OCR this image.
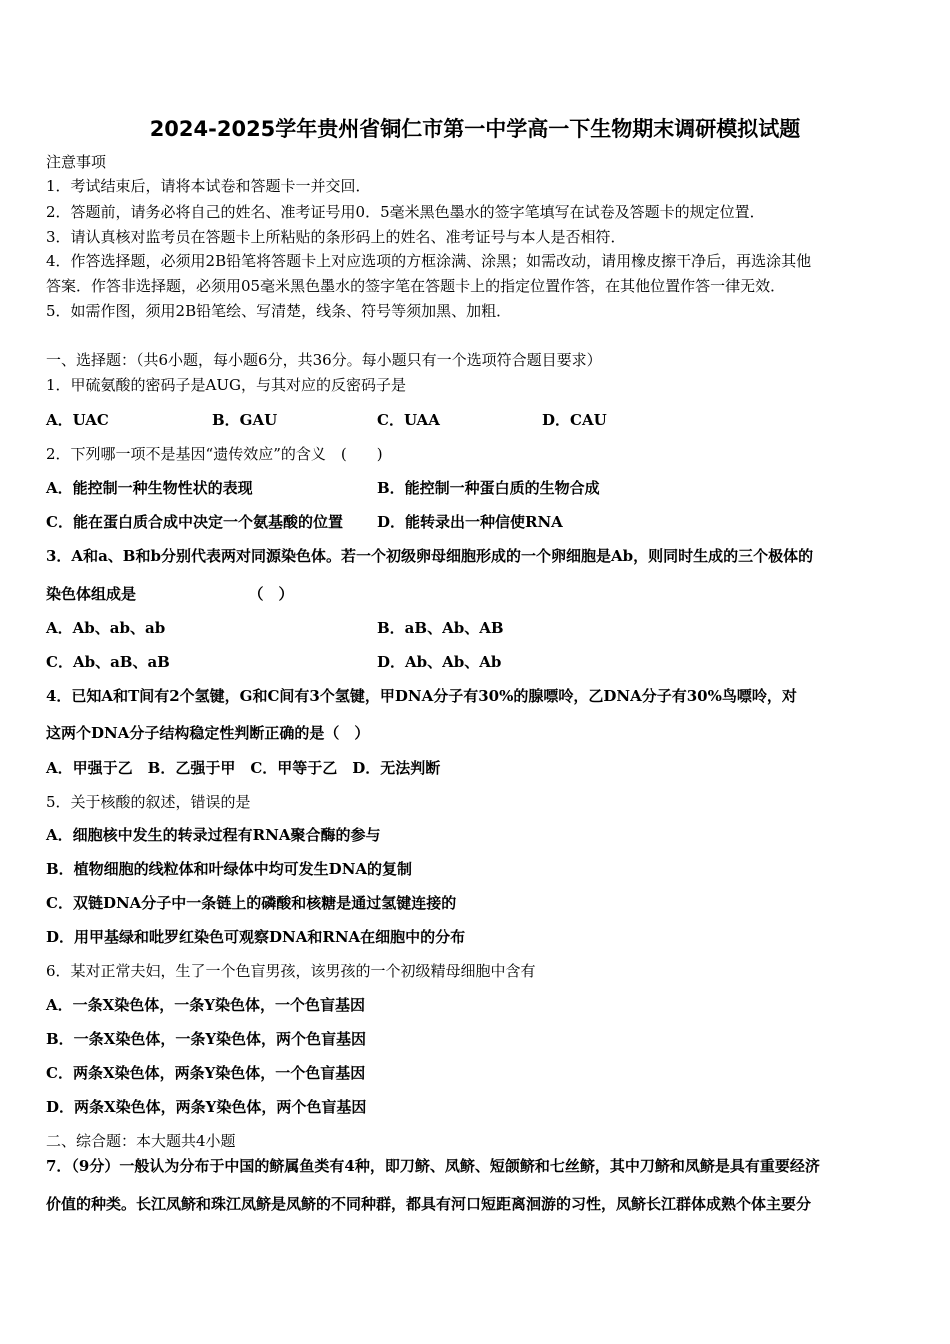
2024-2025学年贵州省铜仁市第一中学高一下生物期末调研模拟试题
注意事项
1．考试结束后，请将本试卷和答题卡一并交回．
2．答题前，请务必将自己的姓名、准考证号用0．5毫米黑色墨水的签字笔填写在试卷及答题卡的规定位置．
3．请认真核对监考员在答题卡上所粘贴的条形码上的姓名、准考证号与本人是否相符．
4．作答选择题，必须用2B铅笔将答题卡上对应选项的方框涂满、涂黑；如需改动，请用橡皮擦干净后，再选涂其他
答案．作答非选择题，必须用05毫米黑色墨水的签字笔在答题卡上的指定位置作答，在其他位置作答一律无效．
5．如需作图，须用2B铅笔绘、写清楚，线条、符号等须加黑、加粗．
一、选择题：（共6小题，每小题6分，共36分。每小题只有一个选项符合题目要求）
1．甲硫氨酸的密码子是AUG，与其对应的反密码子是
A．UAC	B．GAU	C．UAA	D．CAU
2．下列哪一项不是基因“遗传效应”的含义　(　　)
A．能控制一种生物性状的表现	B．能控制一种蛋白质的生物合成
C．能在蛋白质合成中决定一个氨基酸的位置 D．能转录出一种信使RNA
3．A和a、B和b分别代表两对同源染色体。若一个初级卵母细胞形成的一个卵细胞是Ab，则同时生成的三个极体的
染色体组成是　　　　　　　　（　）
A．Ab、ab、ab	B．aB、Ab、AB
C．Ab、aB、aB	D．Ab、Ab、Ab
4．已知A和T间有2个氢键，G和C间有3个氢键，甲DNA分子有30%的腺嘌呤，乙DNA分子有30%鸟嘌呤，对
这两个DNA分子结构稳定性判断正确的是（　）
A．甲强于乙　B．乙强于甲　C．甲等于乙　D．无法判断
5．关于核酸的叙述，错误的是
A．细胞核中发生的转录过程有RNA聚合酶的参与
B．植物细胞的线粒体和叶绿体中均可发生DNA的复制
C．双链DNA分子中一条链上的磷酸和核糖是通过氢键连接的
D．用甲基绿和吡罗红染色可观察DNA和RNA在细胞中的分布
6．某对正常夫妇，生了一个色盲男孩，该男孩的一个初级精母细胞中含有
A．一条X染色体，一条Y染色体，一个色盲基因
B．一条X染色体，一条Y染色体，两个色盲基因
C．两条X染色体，两条Y染色体，一个色盲基因
D．两条X染色体，两条Y染色体，两个色盲基因
二、综合题：本大题共4小题
7．（9分）一般认为分布于中国的鲚属鱼类有4种，即刀鲚、凤鲚、短颌鲚和七丝鲚，其中刀鲚和凤鲚是具有重要经济
价值的种类。长江凤鲚和珠江凤鲚是凤鲚的不同种群，都具有河口短距离洄游的习性，凤鲚长江群体成熟个体主要分
